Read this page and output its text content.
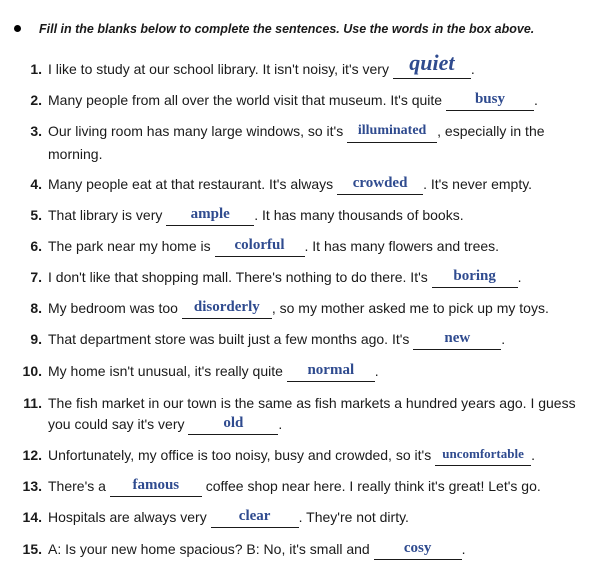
Fill in the blanks below to complete the sentences. Use the words in the box above.
1. I like to study at our school library. It isn't noisy, it's very quiet .
2. Many people from all over the world visit that museum. It's quite busy .
3. Our living room has many large windows, so it's illuminated , especially in the morning.
4. Many people eat at that restaurant. It's always crowded . It's never empty.
5. That library is very ample . It has many thousands of books.
6. The park near my home is colorful . It has many flowers and trees.
7. I don't like that shopping mall. There's nothing to do there. It's boring .
8. My bedroom was too disorderly , so my mother asked me to pick up my toys.
9. That department store was built just a few months ago. It's new .
10. My home isn't unusual, it's really quite normal .
11. The fish market in our town is the same as fish markets a hundred years ago. I guess
you could say it's very old	.
12. Unfortunately, my office is too noisy, busy and crowded, so it's uncomfortable .
13. There's a famous coffee shop near here. I really think it's great! Let's go.
14. Hospitals are always very clear . They're not dirty.
15. A: Is your new home spacious? B: No, it's small and cosy .
